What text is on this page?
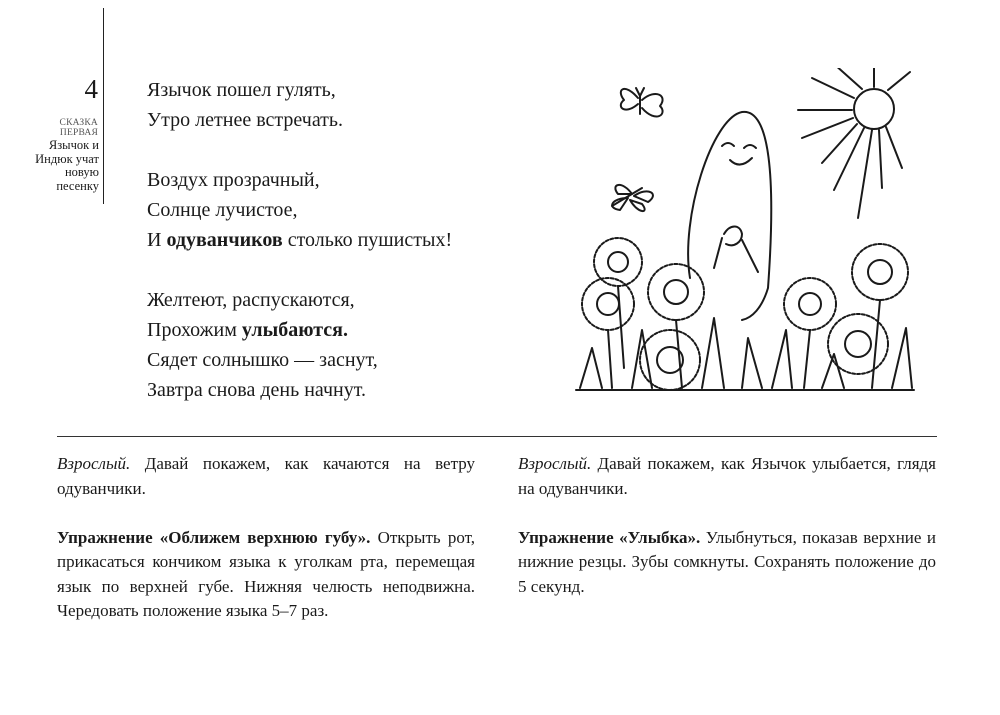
4
СКАЗКА ПЕРВАЯ
Язычок и Индюк учат новую песенку
Язычок пошел гулять,
Утро летнее встречать.
Воздух прозрачный,
Солнце лучистое,
И одуванчиков столько пушистых!
Желтеют, распускаются,
Прохожим улыбаются.
Сядет солнышко — заснут,
Завтра снова день начнут.

Взрослый. Давай покажем, как качаются на ветру одуванчики.

Упражнение «Оближем верхнюю губу». Открыть рот, прикасаться кончиком языка к уголкам рта, перемещая язык по верхней губе. Нижняя челюсть неподвижна. Чередовать положение языка 5–7 раз.

Взрослый. Давай покажем, как Язычок улыбается, глядя на одуванчики.

Упражнение «Улыбка». Улыбнуться, показав верхние и нижние резцы. Зубы сомкнуты. Сохранять положение до 5 секунд.
